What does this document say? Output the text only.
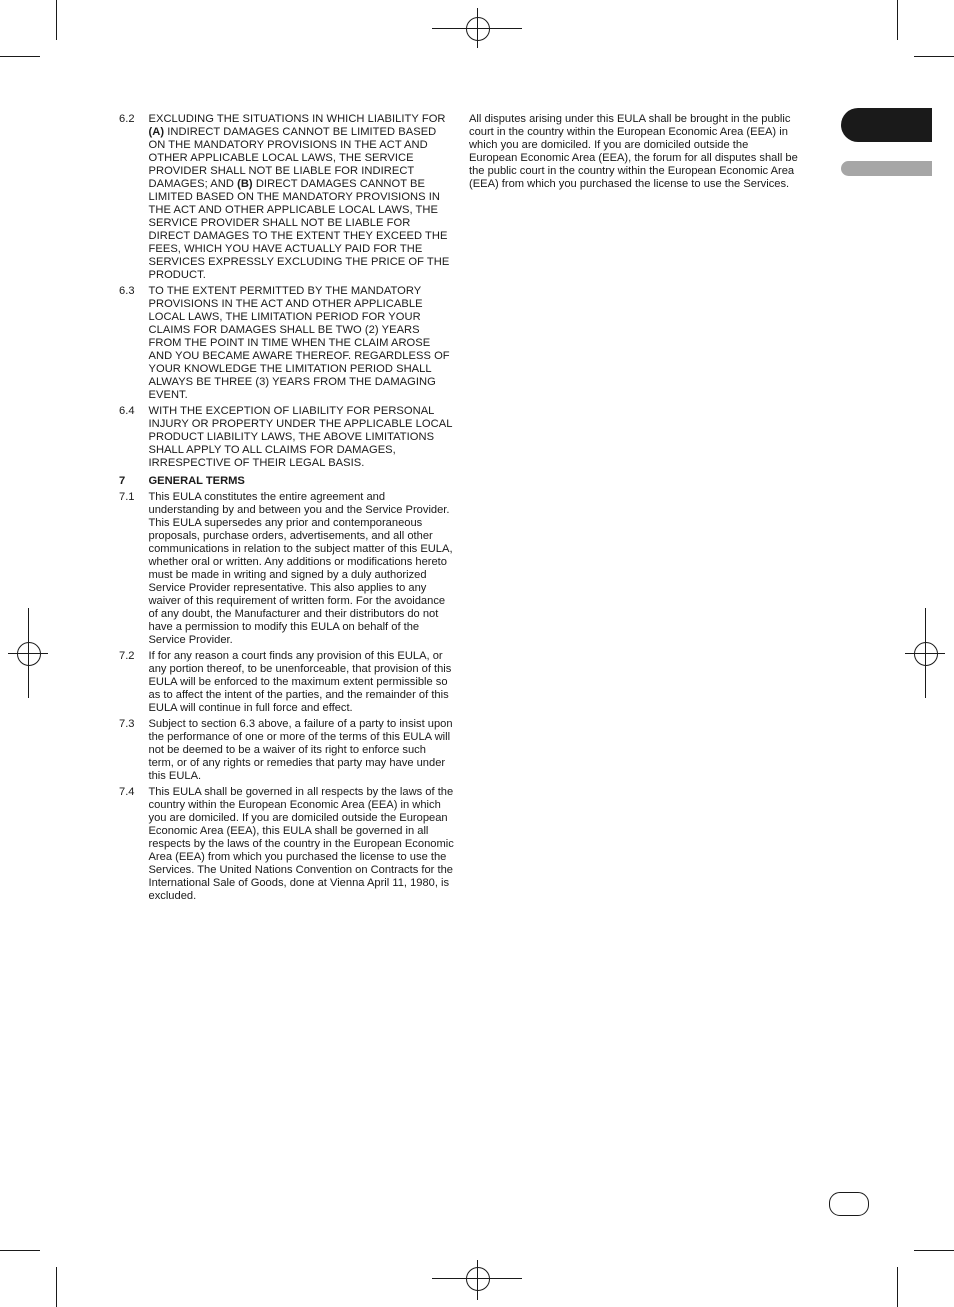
6.2 EXCLUDING THE SITUATIONS IN WHICH LIABILITY FOR (A) INDIRECT DAMAGES CANNOT BE LIMITED BASED ON THE MANDATORY PROVISIONS IN THE ACT AND OTHER APPLICABLE LOCAL LAWS, THE SERVICE PROVIDER SHALL NOT BE LIABLE FOR INDIRECT DAMAGES; AND (B) DIRECT DAMAGES CANNOT BE LIMITED BASED ON THE MANDATORY PROVISIONS IN THE ACT AND OTHER APPLICABLE LOCAL LAWS, THE SERVICE PROVIDER SHALL NOT BE LIABLE FOR DIRECT DAMAGES TO THE EXTENT THEY EXCEED THE FEES, WHICH YOU HAVE ACTUALLY PAID FOR THE SERVICES EXPRESSLY EXCLUDING THE PRICE OF THE PRODUCT.
6.3 TO THE EXTENT PERMITTED BY THE MANDATORY PROVISIONS IN THE ACT AND OTHER APPLICABLE LOCAL LAWS, THE LIMITATION PERIOD FOR YOUR CLAIMS FOR DAMAGES SHALL BE TWO (2) YEARS FROM THE POINT IN TIME WHEN THE CLAIM AROSE AND YOU BECAME AWARE THEREOF. REGARDLESS OF YOUR KNOWLEDGE THE LIMITATION PERIOD SHALL ALWAYS BE THREE (3) YEARS FROM THE DAMAGING EVENT.
6.4 WITH THE EXCEPTION OF LIABILITY FOR PERSONAL INJURY OR PROPERTY UNDER THE APPLICABLE LOCAL PRODUCT LIABILITY LAWS, THE ABOVE LIMITATIONS SHALL APPLY TO ALL CLAIMS FOR DAMAGES, IRRESPECTIVE OF THEIR LEGAL BASIS.
7 GENERAL TERMS
7.1 This EULA constitutes the entire agreement and understanding by and between you and the Service Provider. This EULA supersedes any prior and contemporaneous proposals, purchase orders, advertisements, and all other communications in relation to the subject matter of this EULA, whether oral or written. Any additions or modifications hereto must be made in writing and signed by a duly authorized Service Provider representative. This also applies to any waiver of this requirement of written form. For the avoidance of any doubt, the Manufacturer and their distributors do not have a permission to modify this EULA on behalf of the Service Provider.
7.2 If for any reason a court finds any provision of this EULA, or any portion thereof, to be unenforceable, that provision of this EULA will be enforced to the maximum extent permissible so as to affect the intent of the parties, and the remainder of this EULA will continue in full force and effect.
7.3 Subject to section 6.3 above, a failure of a party to insist upon the performance of one or more of the terms of this EULA will not be deemed to be a waiver of its right to enforce such term, or of any rights or remedies that party may have under this EULA.
7.4 This EULA shall be governed in all respects by the laws of the country within the European Economic Area (EEA) in which you are domiciled. If you are domiciled outside the European Economic Area (EEA), this EULA shall be governed in all respects by the laws of the country in the European Economic Area (EEA) from which you purchased the license to use the Services. The United Nations Convention on Contracts for the International Sale of Goods, done at Vienna April 11, 1980, is excluded.

All disputes arising under this EULA shall be brought in the public court in the country within the European Economic Area (EEA) in which you are domiciled. If you are domiciled outside the European Economic Area (EEA), the forum for all disputes shall be the public court in the country within the European Economic Area (EEA) from which you purchased the license to use the Services.
